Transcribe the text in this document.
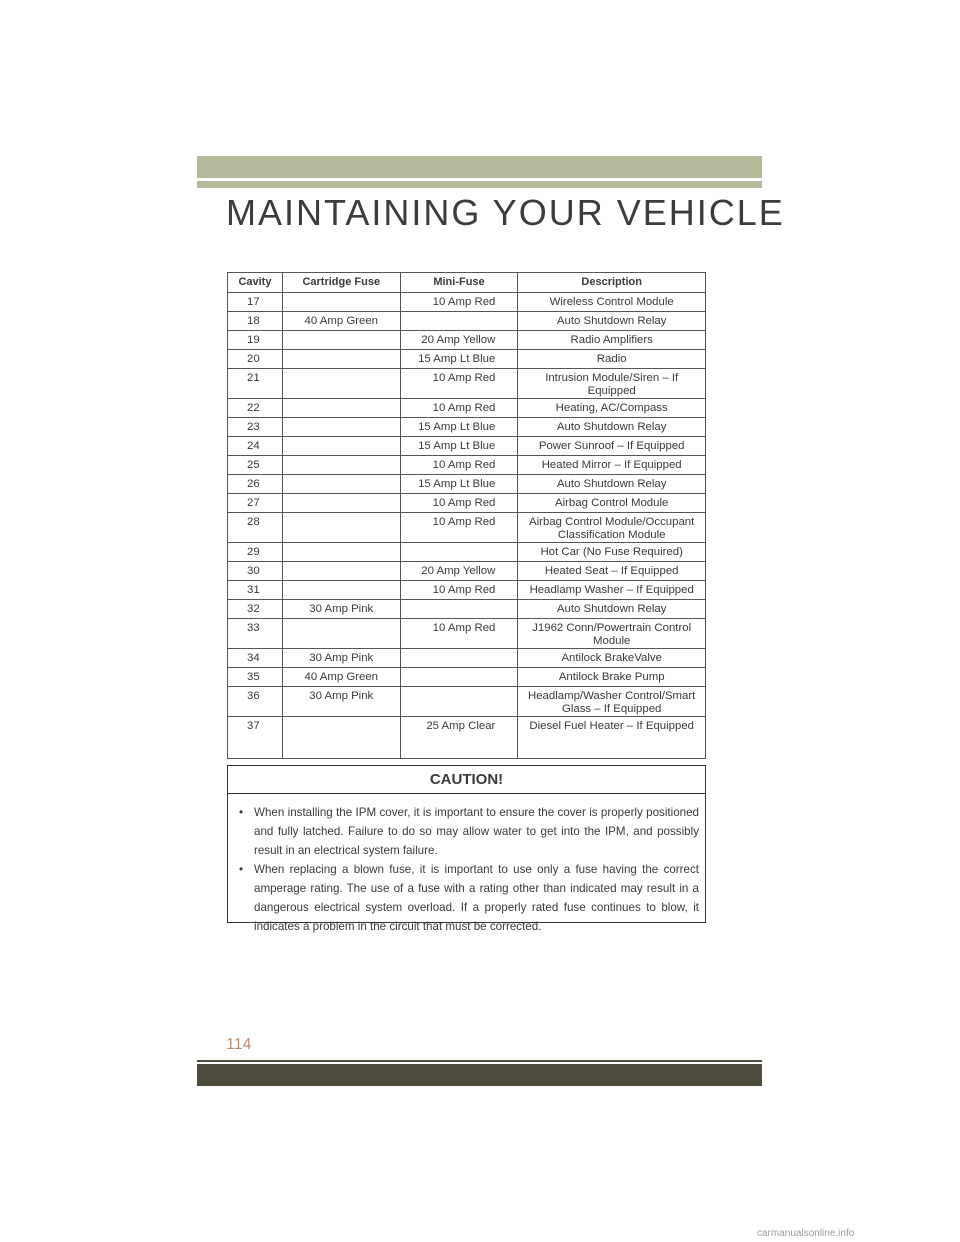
MAINTAINING YOUR VEHICLE
Cavity	Cartridge Fuse	Mini-Fuse	Description
17		10 Amp Red	Wireless Control Module
18	40 Amp Green		Auto Shutdown Relay
19		20 Amp Yellow	Radio Amplifiers
20		15 Amp Lt Blue	Radio
21		10 Amp Red	Intrusion Module/Siren – If Equipped
22		10 Amp Red	Heating, AC/Compass
23		15 Amp Lt Blue	Auto Shutdown Relay
24		15 Amp Lt Blue	Power Sunroof – If Equipped
25		10 Amp Red	Heated Mirror – If Equipped
26		15 Amp Lt Blue	Auto Shutdown Relay
27		10 Amp Red	Airbag Control Module
28		10 Amp Red	Airbag Control Module/Occupant Classification Module
29			Hot Car (No Fuse Required)
30		20 Amp Yellow	Heated Seat – If Equipped
31		10 Amp Red	Headlamp Washer – If Equipped
32	30 Amp Pink		Auto Shutdown Relay
33		10 Amp Red	J1962 Conn/Powertrain Control Module
34	30 Amp Pink		Antilock BrakeValve
35	40 Amp Green		Antilock Brake Pump
36	30 Amp Pink		Headlamp/Washer Control/Smart Glass – If Equipped
37		25 Amp Clear	Diesel Fuel Heater – If Equipped
CAUTION!
• When installing the IPM cover, it is important to ensure the cover is properly positioned and fully latched. Failure to do so may allow water to get into the IPM, and possibly result in an electrical system failure.
• When replacing a blown fuse, it is important to use only a fuse having the correct amperage rating. The use of a fuse with a rating other than indicated may result in a dangerous electrical system overload. If a properly rated fuse continues to blow, it indicates a problem in the circuit that must be corrected.
114
carmanualsonline.info
